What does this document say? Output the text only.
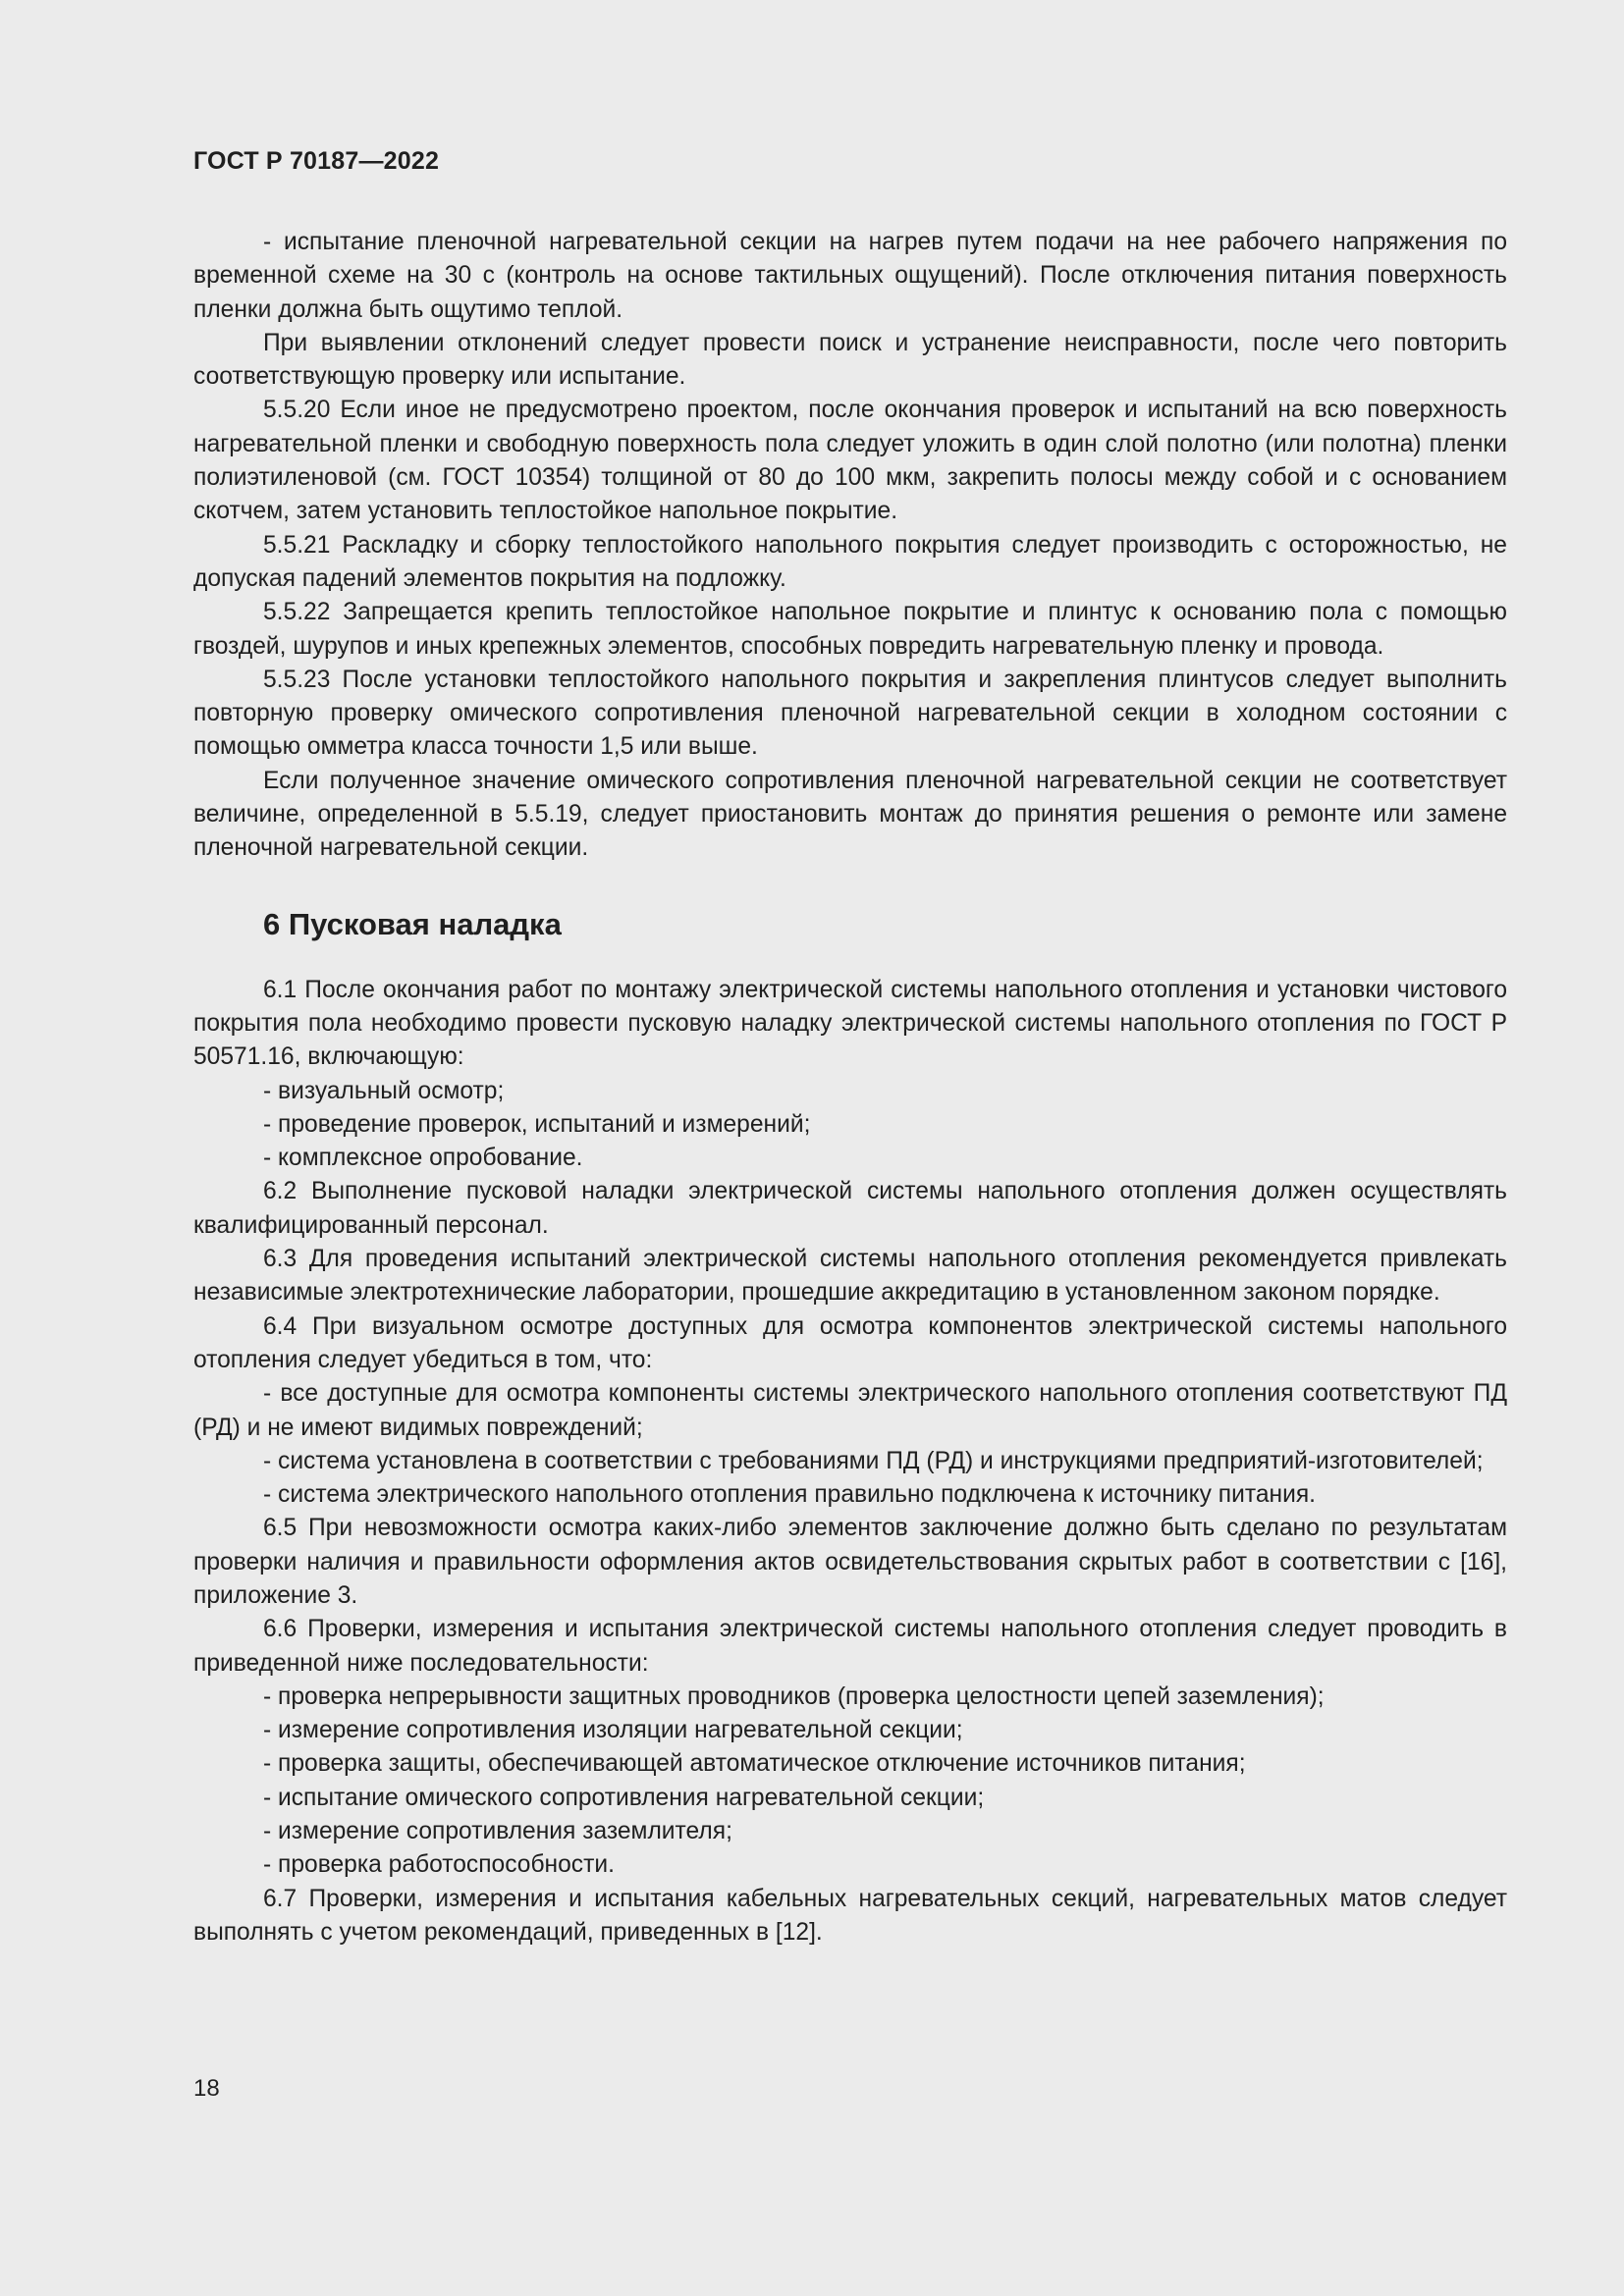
ГОСТ Р 70187—2022

- испытание пленочной нагревательной секции на нагрев путем подачи на нее рабочего напряжения по временной схеме на 30 с (контроль на основе тактильных ощущений). После отключения питания поверхность пленки должна быть ощутимо теплой.

При выявлении отклонений следует провести поиск и устранение неисправности, после чего повторить соответствующую проверку или испытание.

5.5.20 Если иное не предусмотрено проектом, после окончания проверок и испытаний на всю поверхность нагревательной пленки и свободную поверхность пола следует уложить в один слой полотно (или полотна) пленки полиэтиленовой (см. ГОСТ 10354) толщиной от 80 до 100 мкм, закрепить полосы между собой и с основанием скотчем, затем установить теплостойкое напольное покрытие.

5.5.21 Раскладку и сборку теплостойкого напольного покрытия следует производить с осторожностью, не допуская падений элементов покрытия на подложку.

5.5.22 Запрещается крепить теплостойкое напольное покрытие и плинтус к основанию пола с помощью гвоздей, шурупов и иных крепежных элементов, способных повредить нагревательную пленку и провода.

5.5.23 После установки теплостойкого напольного покрытия и закрепления плинтусов следует выполнить повторную проверку омического сопротивления пленочной нагревательной секции в холодном состоянии с помощью омметра класса точности 1,5 или выше.

Если полученное значение омического сопротивления пленочной нагревательной секции не соответствует величине, определенной в 5.5.19, следует приостановить монтаж до принятия решения о ремонте или замене пленочной нагревательной секции.

6 Пусковая наладка

6.1 После окончания работ по монтажу электрической системы напольного отопления и установки чистового покрытия пола необходимо провести пусковую наладку электрической системы напольного отопления по ГОСТ Р 50571.16, включающую:

- визуальный осмотр;

- проведение проверок, испытаний и измерений;

- комплексное опробование.

6.2 Выполнение пусковой наладки электрической системы напольного отопления должен осуществлять квалифицированный персонал.

6.3 Для проведения испытаний электрической системы напольного отопления рекомендуется привлекать независимые электротехнические лаборатории, прошедшие аккредитацию в установленном законом порядке.

6.4 При визуальном осмотре доступных для осмотра компонентов электрической системы напольного отопления следует убедиться в том, что:

- все доступные для осмотра компоненты системы электрического напольного отопления соответствуют ПД (РД) и не имеют видимых повреждений;

- система установлена в соответствии с требованиями ПД (РД) и инструкциями предприятий-изготовителей;

- система электрического напольного отопления правильно подключена к источнику питания.

6.5 При невозможности осмотра каких-либо элементов заключение должно быть сделано по результатам проверки наличия и правильности оформления актов освидетельствования скрытых работ в соответствии с [16], приложение 3.

6.6 Проверки, измерения и испытания электрической системы напольного отопления следует проводить в приведенной ниже последовательности:

- проверка непрерывности защитных проводников (проверка целостности цепей заземления);

- измерение сопротивления изоляции нагревательной секции;

- проверка защиты, обеспечивающей автоматическое отключение источников питания;

- испытание омического сопротивления нагревательной секции;

- измерение сопротивления заземлителя;

- проверка работоспособности.

6.7 Проверки, измерения и испытания кабельных нагревательных секций, нагревательных матов следует выполнять с учетом рекомендаций, приведенных в [12].

18
